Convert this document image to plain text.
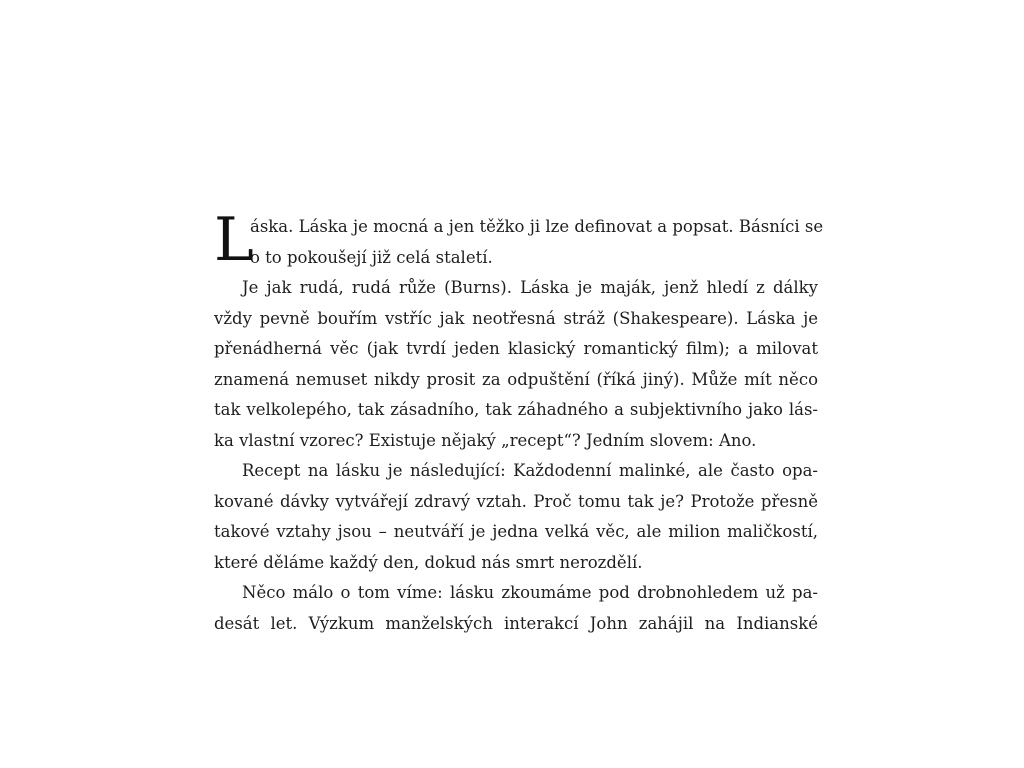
L
áska. Láska je mocná a jen těžko ji lze definovat a popsat. Básníci se
o to pokoušejí již celá staletí.
Je jak rudá, rudá růže (Burns). Láska je maják, jenž hledí z dálky
vždy pevně bouřím vstříc jak neotřesná stráž (Shakespeare). Láska je
přenádherná věc (jak tvrdí jeden klasický romantický film); a milovat
znamená nemuset nikdy prosit za odpuštění (říká jiný). Může mít něco
tak velkolepého, tak zásadního, tak záhadného a subjektivního jako lás-
ka vlastní vzorec? Existuje nějaký „recept“? Jedním slovem: Ano.
Recept na lásku je následující: Každodenní malinké, ale často opa-
kované dávky vytvářejí zdravý vztah. Proč tomu tak je? Protože přesně
takové vztahy jsou – neutváří je jedna velká věc, ale milion maličkostí,
které děláme každý den, dokud nás smrt nerozdělí.
Něco málo o tom víme: lásku zkoumáme pod drobnohledem už pa-
desát let. Výzkum manželských interakcí John zahájil na Indianské
